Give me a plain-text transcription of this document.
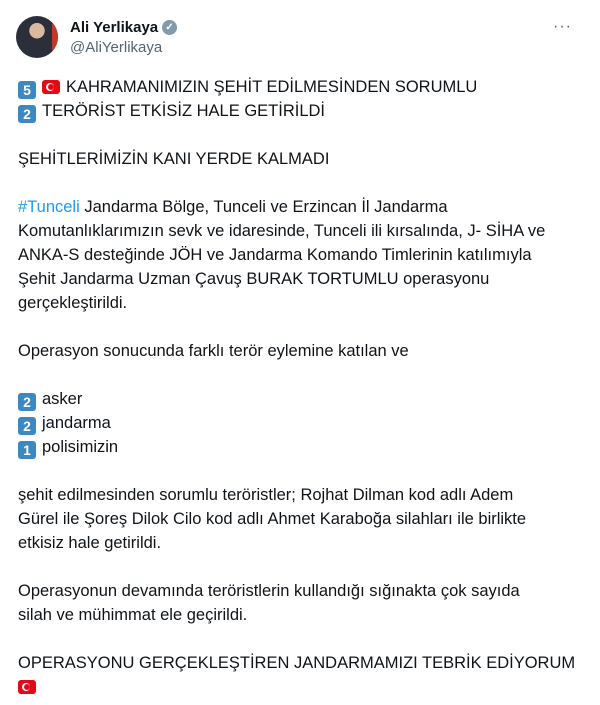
Ali Yerlikaya ✓
@AliYerlikaya
···
5 KAHRAMANIMIZIN ŞEHİT EDİLMESİNDEN SORUMLU
2 TERÖRİST ETKİSİZ HALE GETİRİLDİ
ŞEHİTLERİMİZİN KANI YERDE KALMADI
#Tunceli Jandarma Bölge, Tunceli ve Erzincan İl Jandarma
Komutanlıklarımızın sevk ve idaresinde, Tunceli ili kırsalında, J- SİHA ve
ANKA-S desteğinde JÖH ve Jandarma Komando Timlerinin katılımıyla
Şehit Jandarma Uzman Çavuş BURAK TORTUMLU operasyonu
gerçekleştirildi.
Operasyon sonucunda farklı terör eylemine katılan ve
2 asker
2 jandarma
1 polisimizin
şehit edilmesinden sorumlu teröristler; Rojhat Dilman kod adlı Adem
Gürel ile Şoreş Dilok Cilo kod adlı Ahmet Karaboğa silahları ile birlikte
etkisiz hale getirildi.
Operasyonun devamında teröristlerin kullandığı sığınakta çok sayıda
silah ve mühimmat ele geçirildi.
OPERASYONU GERÇEKLEŞTİREN JANDARMAMIZI TEBRİK EDİYORUM
